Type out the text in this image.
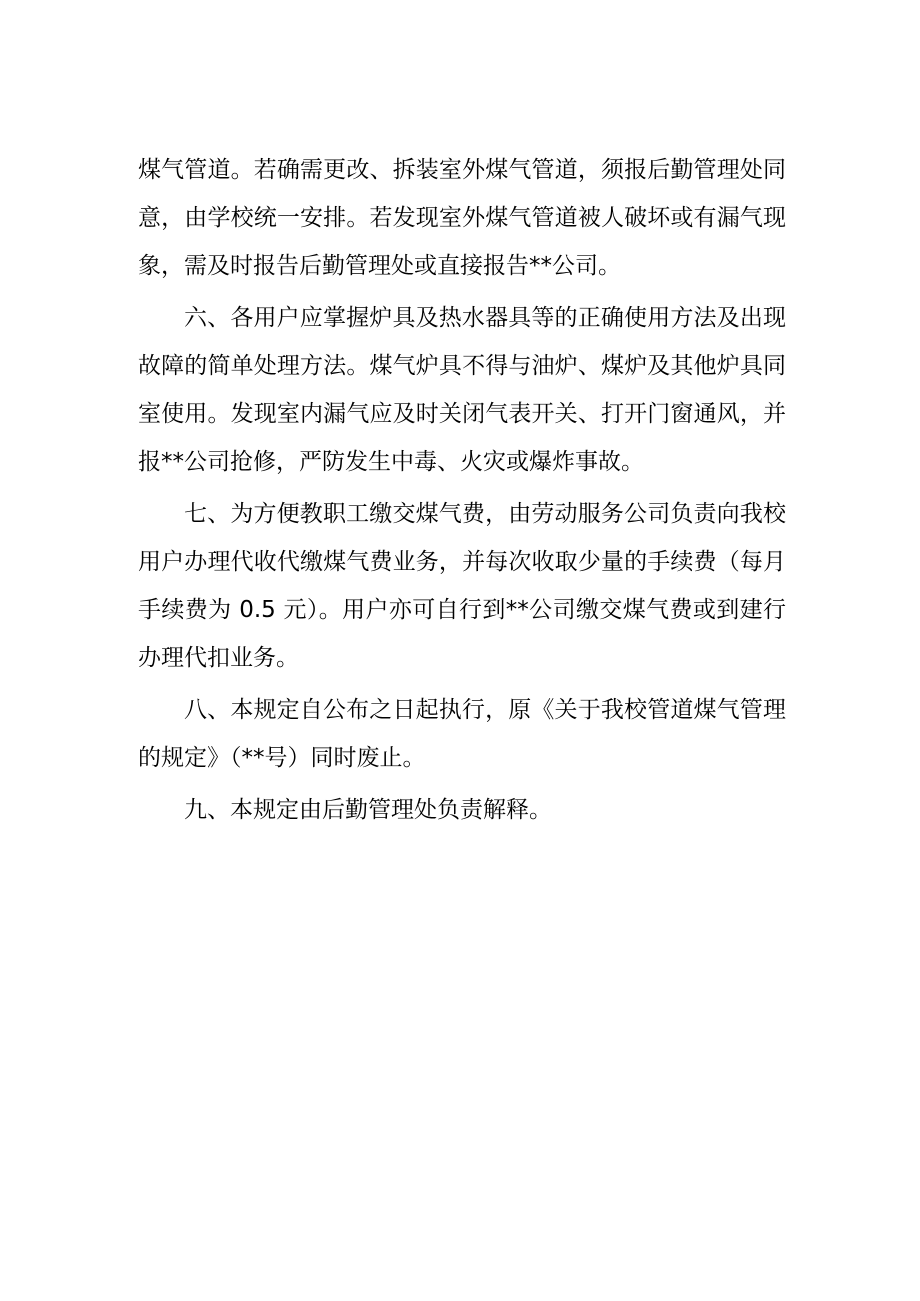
煤气管道。若确需更改、拆装室外煤气管道，须报后勤管理处同
意，由学校统一安排。若发现室外煤气管道被人破坏或有漏气现
象，需及时报告后勤管理处或直接报告**公司。

六、各用户应掌握炉具及热水器具等的正确使用方法及出现
故障的简单处理方法。煤气炉具不得与油炉、煤炉及其他炉具同
室使用。发现室内漏气应及时关闭气表开关、打开门窗通风，并
报**公司抢修，严防发生中毒、火灾或爆炸事故。

七、为方便教职工缴交煤气费，由劳动服务公司负责向我校
用户办理代收代缴煤气费业务，并每次收取少量的手续费（每月
手续费为 0.5 元）。用户亦可自行到**公司缴交煤气费或到建行
办理代扣业务。

八、本规定自公布之日起执行，原《关于我校管道煤气管理
的规定》（**号）同时废止。

九、本规定由后勤管理处负责解释。
